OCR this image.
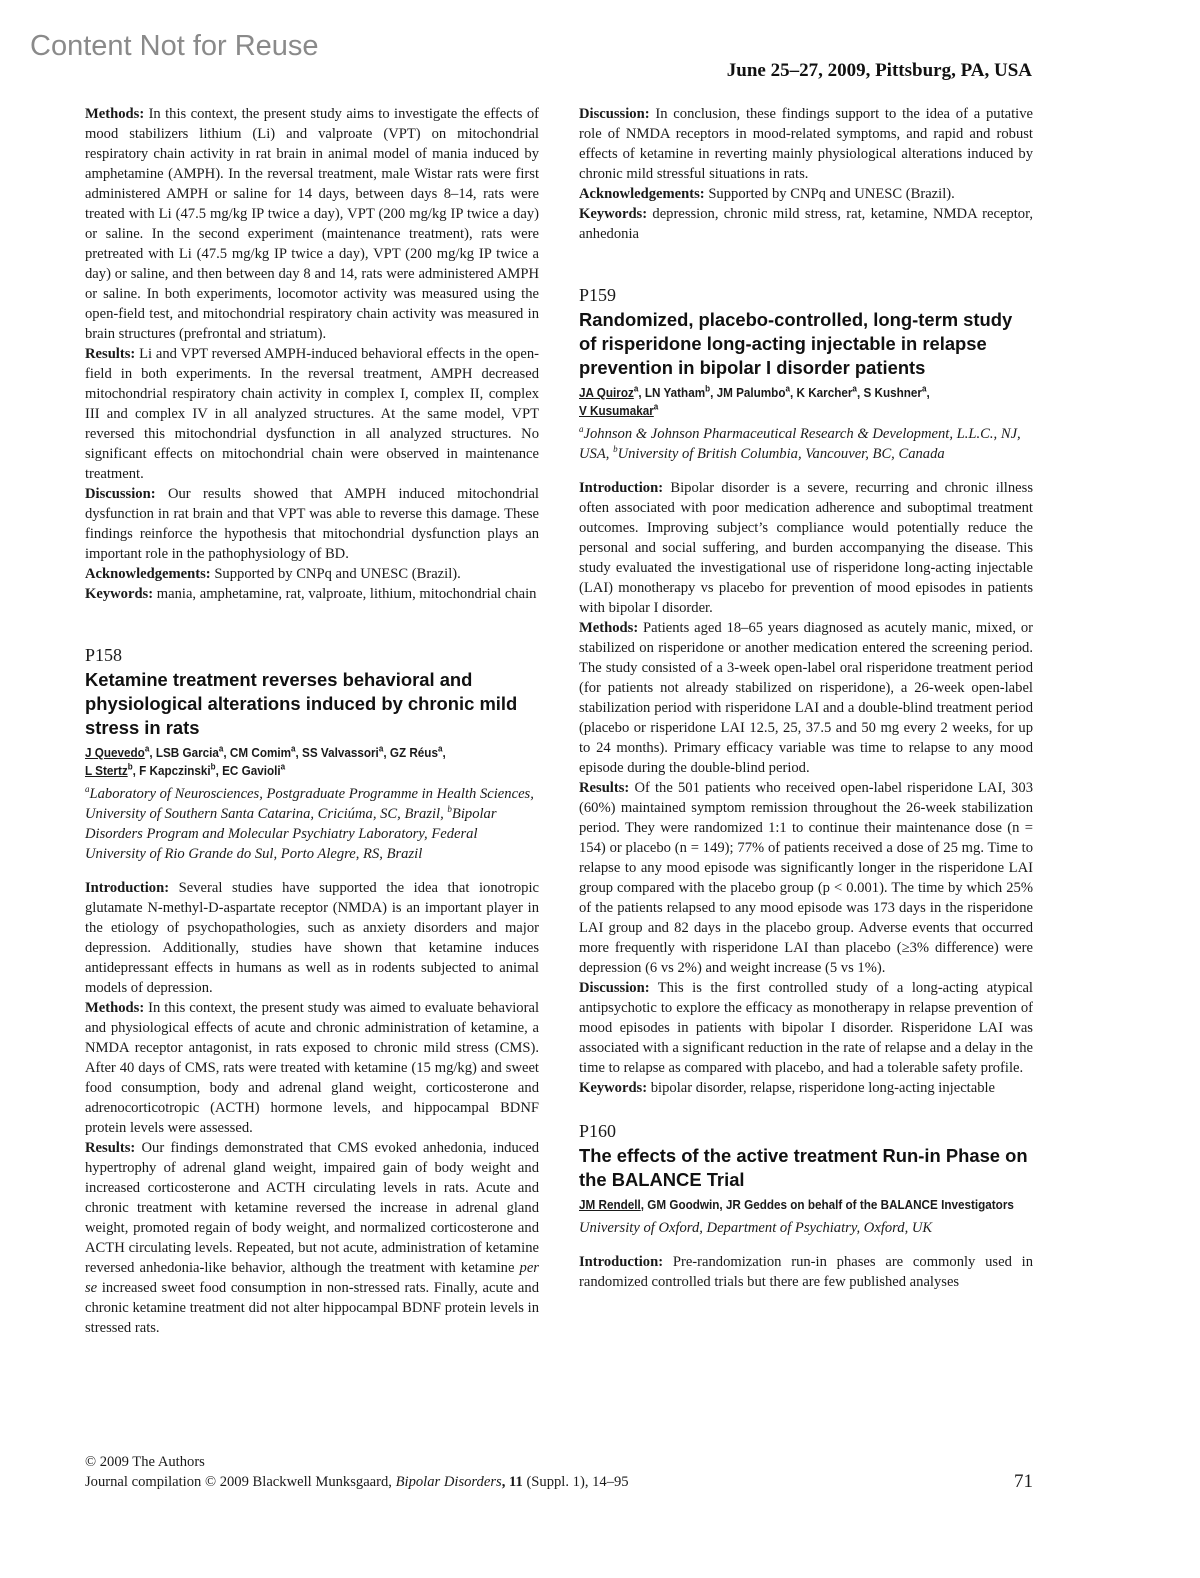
Content Not for Reuse
June 25–27, 2009, Pittsburg, PA, USA

Methods: In this context, the present study aims to investigate the effects of mood stabilizers lithium (Li) and valproate (VPT) on mitochondrial respiratory chain activity in rat brain in animal model of mania induced by amphetamine (AMPH). In the reversal treatment, male Wistar rats were first administered AMPH or saline for 14 days, between days 8–14, rats were treated with Li (47.5 mg/kg IP twice a day), VPT (200 mg/kg IP twice a day) or saline. In the second experiment (maintenance treatment), rats were pretreated with Li (47.5 mg/kg IP twice a day), VPT (200 mg/kg IP twice a day) or saline, and then between day 8 and 14, rats were administered AMPH or saline. In both experiments, locomotor activity was measured using the open-field test, and mitochondrial respiratory chain activity was measured in brain structures (prefrontal and striatum).

Results: Li and VPT reversed AMPH-induced behavioral effects in the open-field in both experiments. In the reversal treatment, AMPH decreased mitochondrial respiratory chain activity in complex I, complex II, complex III and complex IV in all analyzed structures. At the same model, VPT reversed this mitochondrial dysfunction in all analyzed structures. No significant effects on mitochondrial chain were observed in maintenance treatment.

Discussion: Our results showed that AMPH induced mitochondrial dysfunction in rat brain and that VPT was able to reverse this damage. These findings reinforce the hypothesis that mitochondrial dysfunction plays an important role in the pathophysiology of BD.

Acknowledgements: Supported by CNPq and UNESC (Brazil).

Keywords: mania, amphetamine, rat, valproate, lithium, mitochondrial chain

P158

Ketamine treatment reverses behavioral and physiological alterations induced by chronic mild stress in rats

J Quevedo$^a$, LSB Garcia$^a$, CM Comim$^a$, SS Valvassori$^a$, GZ Réus$^a$,
L Stertz$^b$, F Kapczinski$^b$, EC Gavioli$^a$

$^a$Laboratory of Neurosciences, Postgraduate Programme in Health Sciences, University of Southern Santa Catarina, Criciúma, SC, Brazil, $^b$Bipolar Disorders Program and Molecular Psychiatry Laboratory, Federal University of Rio Grande do Sul, Porto Alegre, RS, Brazil

Introduction: Several studies have supported the idea that ionotropic glutamate N-methyl-D-aspartate receptor (NMDA) is an important player in the etiology of psychopathologies, such as anxiety disorders and major depression. Additionally, studies have shown that ketamine induces antidepressant effects in humans as well as in rodents subjected to animal models of depression.

Methods: In this context, the present study was aimed to evaluate behavioral and physiological effects of acute and chronic administration of ketamine, a NMDA receptor antagonist, in rats exposed to chronic mild stress (CMS). After 40 days of CMS, rats were treated with ketamine (15 mg/kg) and sweet food consumption, body and adrenal gland weight, corticosterone and adrenocorticotropic (ACTH) hormone levels, and hippocampal BDNF protein levels were assessed.

Results: Our findings demonstrated that CMS evoked anhedonia, induced hypertrophy of adrenal gland weight, impaired gain of body weight and increased corticosterone and ACTH circulating levels in rats. Acute and chronic treatment with ketamine reversed the increase in adrenal gland weight, promoted regain of body weight, and normalized corticosterone and ACTH circulating levels. Repeated, but not acute, administration of ketamine reversed anhedonia-like behavior, although the treatment with ketamine per se increased sweet food consumption in non-stressed rats. Finally, acute and chronic ketamine treatment did not alter hippocampal BDNF protein levels in stressed rats.

Discussion: In conclusion, these findings support to the idea of a putative role of NMDA receptors in mood-related symptoms, and rapid and robust effects of ketamine in reverting mainly physiological alterations induced by chronic mild stressful situations in rats.

Acknowledgements: Supported by CNPq and UNESC (Brazil).

Keywords: depression, chronic mild stress, rat, ketamine, NMDA receptor, anhedonia

P159

Randomized, placebo-controlled, long-term study of risperidone long-acting injectable in relapse prevention in bipolar I disorder patients

JA Quiroz$^a$, LN Yatham$^b$, JM Palumbo$^a$, K Karcher$^a$, S Kushner$^a$,
V Kusumakar$^a$

$^a$Johnson & Johnson Pharmaceutical Research & Development, L.L.C., NJ, USA, $^b$University of British Columbia, Vancouver, BC, Canada

Introduction: Bipolar disorder is a severe, recurring and chronic illness often associated with poor medication adherence and suboptimal treatment outcomes. Improving subject’s compliance would potentially reduce the personal and social suffering, and burden accompanying the disease. This study evaluated the investigational use of risperidone long-acting injectable (LAI) monotherapy vs placebo for prevention of mood episodes in patients with bipolar I disorder.

Methods: Patients aged 18–65 years diagnosed as acutely manic, mixed, or stabilized on risperidone or another medication entered the screening period. The study consisted of a 3-week open-label oral risperidone treatment period (for patients not already stabilized on risperidone), a 26-week open-label stabilization period with risperidone LAI and a double-blind treatment period (placebo or risperidone LAI 12.5, 25, 37.5 and 50 mg every 2 weeks, for up to 24 months). Primary efficacy variable was time to relapse to any mood episode during the double-blind period.

Results: Of the 501 patients who received open-label risperidone LAI, 303 (60%) maintained symptom remission throughout the 26-week stabilization period. They were randomized 1:1 to continue their maintenance dose (n = 154) or placebo (n = 149); 77% of patients received a dose of 25 mg. Time to relapse to any mood episode was significantly longer in the risperidone LAI group compared with the placebo group (p < 0.001). The time by which 25% of the patients relapsed to any mood episode was 173 days in the risperidone LAI group and 82 days in the placebo group. Adverse events that occurred more frequently with risperidone LAI than placebo (≥3% difference) were depression (6 vs 2%) and weight increase (5 vs 1%).

Discussion: This is the first controlled study of a long-acting atypical antipsychotic to explore the efficacy as monotherapy in relapse prevention of mood episodes in patients with bipolar I disorder. Risperidone LAI was associated with a significant reduction in the rate of relapse and a delay in the time to relapse as compared with placebo, and had a tolerable safety profile.

Keywords: bipolar disorder, relapse, risperidone long-acting injectable

P160

The effects of the active treatment Run-in Phase on the BALANCE Trial

JM Rendell, GM Goodwin, JR Geddes on behalf of the BALANCE Investigators

University of Oxford, Department of Psychiatry, Oxford, UK

Introduction: Pre-randomization run-in phases are commonly used in randomized controlled trials but there are few published analyses

© 2009 The Authors
Journal compilation © 2009 Blackwell Munksgaard, Bipolar Disorders, 11 (Suppl. 1), 14–95	71
